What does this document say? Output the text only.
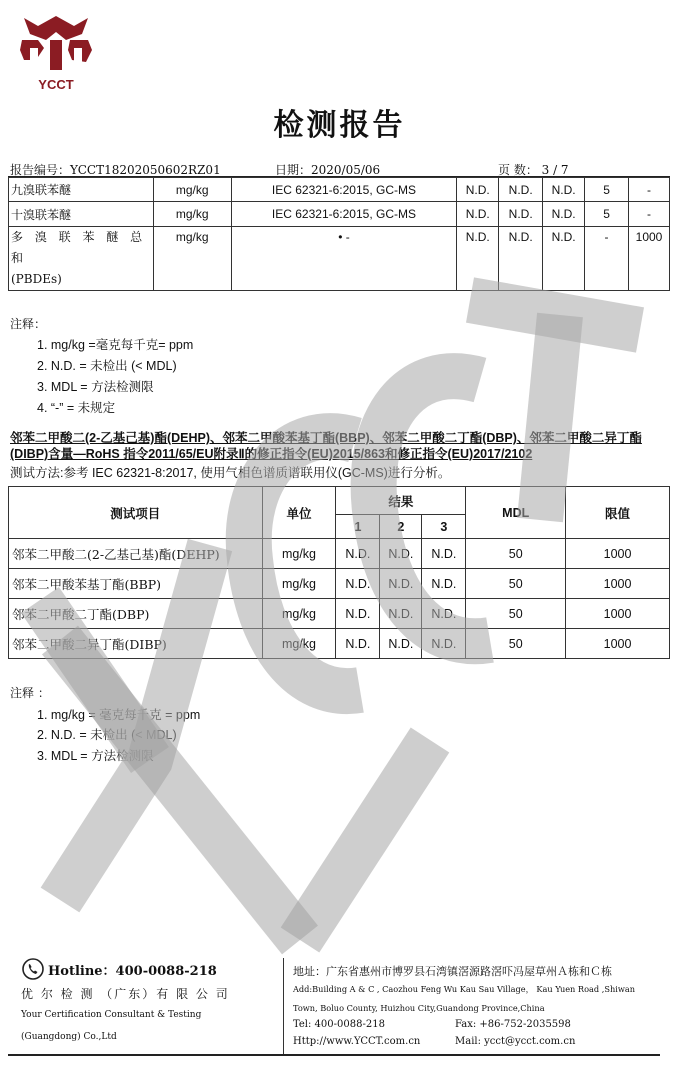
YCCT
检测报告
报告编号：YCCT18202050602RZ01	日期：2020/05/06	页 数： 3 / 7
九溴联苯醚	mg/kg	IEC 62321-6:2015, GC-MS	N.D.	N.D.	N.D.	5	-
十溴联苯醚	mg/kg	IEC 62321-6:2015, GC-MS	N.D.	N.D.	N.D.	5	-

多 溴 联 苯 醚 总 和
(PBDEs)	mg/kg	• -	N.D.	N.D.	N.D.	-	1000
注释：
1. mg/kg =毫克每千克= ppm
2. N.D. = 未检出 (< MDL)
3. MDL = 方法检测限
4. “-” = 未规定
邻苯二甲酸二(2-乙基己基)酯(DEHP)、邻苯二甲酸苯基丁酯(BBP)、邻苯二甲酸二丁酯(DBP)、邻苯二甲酸二异丁酯(DIBP)含量—RoHS 指令2011/65/EU附录Ⅱ的修正指令(EU)2015/863和修正指令(EU)2017/2102
测试方法:参考 IEC 62321-8:2017, 使用气相色谱质谱联用仪(GC-MS)进行分析。
测试项目	单位	结果			MDL	限值
		1	2	3		
邻苯二甲酸二(2-乙基己基)酯(DEHP)	mg/kg	N.D.	N.D.	N.D.	50	1000
邻苯二甲酸苯基丁酯(BBP)	mg/kg	N.D.	N.D.	N.D.	50	1000
邻苯二甲酸二丁酯(DBP)	mg/kg	N.D.	N.D.	N.D.	50	1000
邻苯二甲酸二异丁酯(DIBP)	mg/kg	N.D.	N.D.	N.D.	50	1000
注释 ：
1. mg/kg = 毫克每千克 = ppm
2. N.D. = 未检出 (< MDL)
3. MDL = 方法检测限
Hotline：400-0088-218
优 尔 检 测 （广东）有 限 公 司
Your Certification Consultant & Testing
(Guangdong) Co.,Ltd
地址：广东省惠州市博罗县石湾镇滘源路滘吓冯屋草州Ａ栋和Ｃ栋
Add:Building A & C , Caozhou Feng Wu Kau Sau Village， Kau Yuen Road ,Shiwan
Town, Boluo County, Huizhou City,Guandong Province,China
Tel: 400-0088-218	Fax: +86-752-2035598
Http://www.YCCT.com.cn	Mail: ycct@ycct.com.cn
